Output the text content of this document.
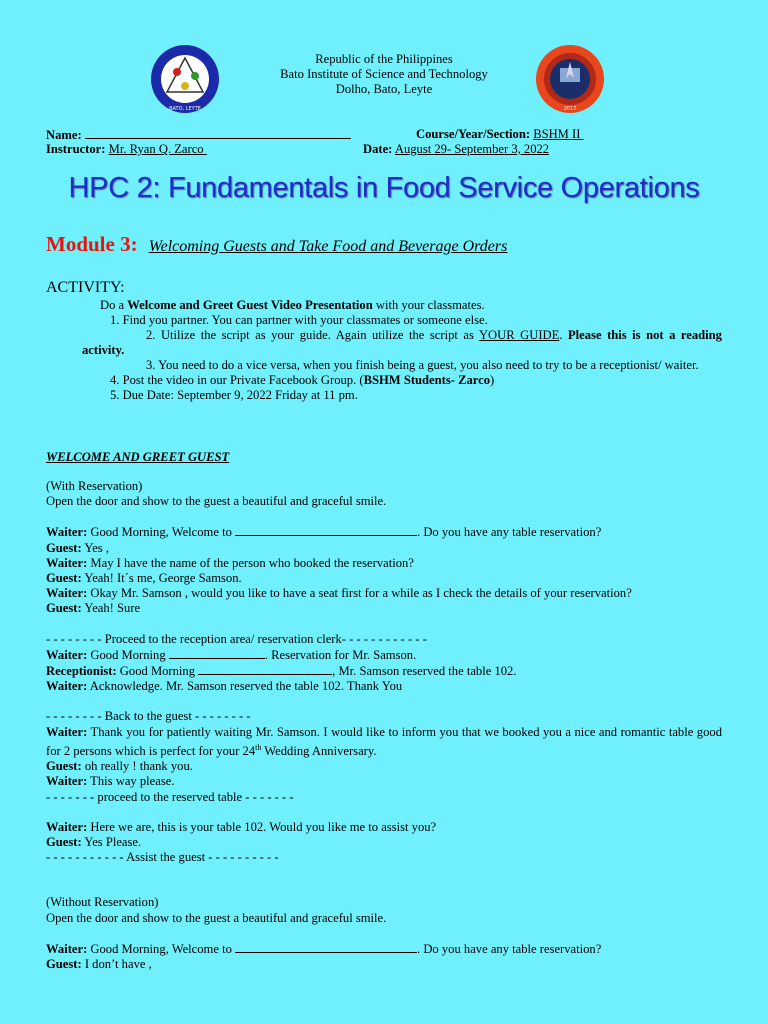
BATO, LEYTE	2017
Republic of the Philippines
Bato Institute of Science and Technology
Dolho, Bato, Leyte
Name:	Course/Year/Section: BSHM II
Instructor: Mr. Ryan Q. Zarco	Date: August 29- September 3, 2022
HPC 2: Fundamentals in Food Service Operations
Module 3: Welcoming Guests and Take Food and Beverage Orders
ACTIVITY:
Do a Welcome and Greet Guest Video Presentation with your classmates.
1. Find you partner. You can partner with your classmates or someone else.
2. Utilize the script as your guide. Again utilize the script as YOUR GUIDE. Please this is not a reading activity.
3. You need to do a vice versa, when you finish being a guest, you also need to try to be a receptionist/ waiter.
4. Post the video in our Private Facebook Group. (BSHM Students- Zarco)
5. Due Date: September 9, 2022 Friday at 11 pm.
WELCOME AND GREET GUEST
(With Reservation)
Open the door and show to the guest a beautiful and graceful smile.
Waiter: Good Morning, Welcome to	. Do you have any table reservation?
Guest: Yes ,
Waiter: May I have the name of the person who booked the reservation?
Guest: Yeah! It´s me, George Samson.
Waiter: Okay Mr. Samson , would you like to have a seat first for a while as I check the details of your reservation?
Guest: Yeah! Sure
- - - - - - - - Proceed to the reception area/ reservation clerk- - - - - - - - - - - -
Waiter: Good Morning	. Reservation for Mr. Samson.
Receptionist: Good Morning	, Mr. Samson reserved the table 102.
Waiter: Acknowledge. Mr. Samson reserved the table 102. Thank You
- - - - - - - - Back to the guest - - - - - - - -
Waiter: Thank you for patiently waiting Mr. Samson. I would like to inform you that we booked you a nice and romantic table good for 2 persons which is perfect for your 24th Wedding Anniversary.
Guest: oh really ! thank you.
Waiter: This way please.
- - - - - - - proceed to the reserved table - - - - - - -
Waiter: Here we are, this is your table 102. Would you like me to assist you?
Guest: Yes Please.
- - - - - - - - - - - Assist the guest - - - - - - - - - -
(Without Reservation)
Open the door and show to the guest a beautiful and graceful smile.
Waiter: Good Morning, Welcome to	. Do you have any table reservation?
Guest: I don’t have ,
